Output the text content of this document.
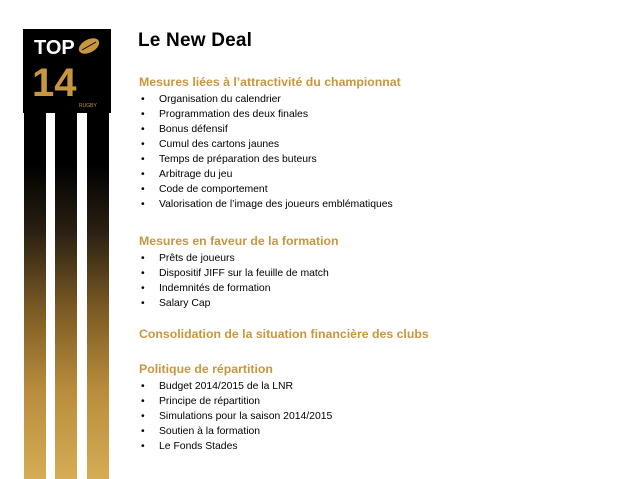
TOP
14
RUGBY
Le New Deal

Mesures liées à l’attractivité du championnat

• Organisation du calendrier
• Programmation des deux finales
• Bonus défensif
• Cumul des cartons jaunes
• Temps de préparation des buteurs
• Arbitrage du jeu
• Code de comportement
• Valorisation de l’image des joueurs emblématiques

Mesures en faveur de la formation

• Prêts de joueurs
• Dispositif JIFF sur la feuille de match
• Indemnités de formation
• Salary Cap

Consolidation de la situation financière des clubs

Politique de répartition

• Budget 2014/2015 de la LNR
• Principe de répartition
• Simulations pour la saison 2014/2015
• Soutien à la formation
• Le Fonds Stades
